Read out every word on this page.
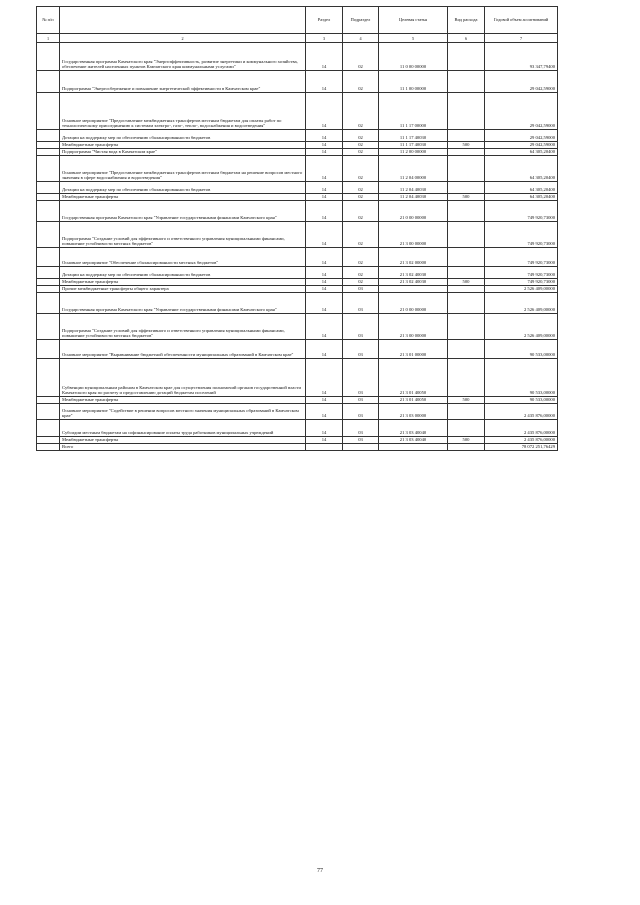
№ п/п		Раздел	Подраздел	Целевая статья	Вид расхода	Годовой объем ассигнований
1	2	3	4	5	6	7
	Государственная программа Камчатского края "Энергоэффективность, развитие энергетики и коммунального хозяйства, обеспечение жителей населенных пунктов Камчатского края коммунальными услугами"	14	02	11 0 00 00000		93 347,79400
	Подпрограмма "Энергосбережение и повышение энергетической эффективности в Камчатском крае"	14	02	11 1 00 00000		29 042,59000
	Основное мероприятие "Предоставление межбюджетных трансфертов местным бюджетам для оплаты работ по технологическому присоединению к системам электро-, газо-, тепло-, водоснабжения и водоотведения"	14	02	11 1 17 00000		29 042,59000
	Дотации на поддержку мер по обеспечению сбалансированности бюджетов	14	02	11 1 17 40030		29 042,59000
	Межбюджетные трансферты	14	02	11 1 17 40030	500	29 042,59000
	Подпрограмма "Чистая вода в Камчатском крае"	14	02	11 2 00 00000		64 305,20400
	Основное мероприятие "Предоставление межбюджетных трансфертов местным бюджетам на решение вопросов местного значения в сфере водоснабжения и водоотведения"	14	02	11 2 04 00000		64 305,20400
	Дотации на поддержку мер по обеспечению сбалансированности бюджетов	14	02	11 2 04 40030		64 305,20400
	Межбюджетные трансферты	14	02	11 2 04 40030	500	64 305,20400
	Государственная программа Камчатского края "Управление государственными финансами Камчатского края"	14	02	21 0 00 00000		749 920,73000
	Подпрограмма "Создание условий для эффективного и ответственного управления муниципальными финансами, повышение устойчивости местных бюджетов"	14	02	21 3 00 00000		749 920,73000
	Основное мероприятие "Обеспечение сбалансированности местных бюджетов"	14	02	21 3 02 00000		749 920,73000
	Дотации на поддержку мер по обеспечению сбалансированности бюджетов	14	02	21 3 02 40030		749 920,73000
	Межбюджетные трансферты	14	02	21 3 02 40030	500	749 920,73000
	Прочие межбюджетные трансферты общего характера	14	03			2 526 409,00000
	Государственная программа Камчатского края "Управление государственными финансами Камчатского края"	14	03	21 0 00 00000		2 526 409,00000
	Подпрограмма "Создание условий для эффективного и ответственного управления муниципальными финансами, повышение устойчивости местных бюджетов"	14	03	21 3 00 00000		2 526 409,00000
	Основное мероприятие "Выравнивание бюджетной обеспеченности муниципальных образований в Камчатском крае"	14	03	21 3 01 00000		90 533,00000
	Субвенции муниципальным районам в Камчатском крае для осуществления полномочий органов государственной власти Камчатского края по расчету и предоставлению дотаций бюджетам поселений	14	03	21 3 01 40050		90 533,00000
	Межбюджетные трансферты	14	03	21 3 01 40050	500	90 533,00000
	Основное мероприятие "Содействие в решении вопросов местного значения муниципальных образований в Камчатском крае"	14	03	21 3 03 00000		2 435 876,00000
	Субсидии местным бюджетам на софинансирование оплаты труда работников муниципальных учреждений	14	03	21 3 03 40040		2 435 876,00000
	Межбюджетные трансферты	14	03	21 3 03 40040	500	2 435 876,00000
	Всего					78 072 251,76429
77
